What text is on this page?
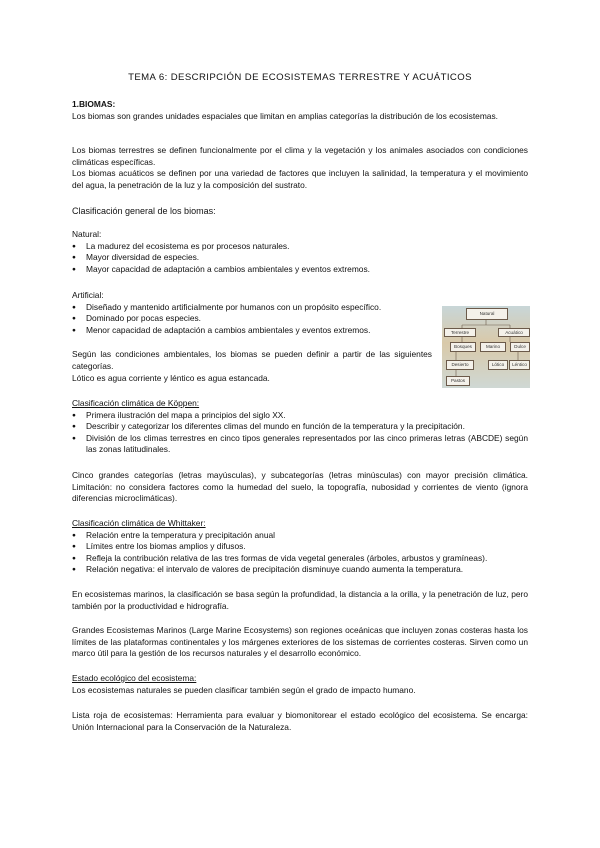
TEMA 6: DESCRIPCIÓN DE ECOSISTEMAS TERRESTRE Y ACUÁTICOS
1.BIOMAS:
Los biomas son grandes unidades espaciales que limitan en amplias categorías la distribución de los ecosistemas.
Los biomas terrestres se definen funcionalmente por el clima y la vegetación y los animales asociados con condiciones climáticas específicas.
Los biomas acuáticos se definen por una variedad de factores que incluyen la salinidad, la temperatura y el movimiento del agua, la penetración de la luz y la composición del sustrato.
Clasificación general de los biomas:
Natural:
● La madurez del ecosistema es por procesos naturales.
● Mayor diversidad de especies.
● Mayor capacidad de adaptación a cambios ambientales y eventos extremos.
Artificial:
● Diseñado y mantenido artificialmente por humanos con un propósito específico.
● Dominado por pocas especies.
● Menor capacidad de adaptación a cambios ambientales y eventos extremos.
Según las condiciones ambientales, los biomas se pueden definir a partir de las siguientes categorías.
Lótico es agua corriente y léntico es agua estancada.
Natural
Terrestre	Acuático
Bosques	Marino	Dulce
Desierto	Lótico	Léntico
Pastos
Clasificación climática de Köppen:
● Primera ilustración del mapa a principios del siglo XX.
● Describir y categorizar los diferentes climas del mundo en función de la temperatura y la precipitación.
● División de los climas terrestres en cinco tipos generales representados por las cinco primeras letras (ABCDE) según las zonas latitudinales.
Cinco grandes categorías (letras mayúsculas), y subcategorías (letras minúsculas) con mayor precisión climática. Limitación: no considera factores como la humedad del suelo, la topografía, nubosidad y corrientes de viento (ignora diferencias microclimáticas).
Clasificación climática de Whittaker:
● Relación entre la temperatura y precipitación anual
● Límites entre los biomas amplios y difusos.
● Refleja la contribución relativa de las tres formas de vida vegetal generales (árboles, arbustos y gramíneas).
● Relación negativa: el intervalo de valores de precipitación disminuye cuando aumenta la temperatura.
En ecosistemas marinos, la clasificación se basa según la profundidad, la distancia a la orilla, y la penetración de luz, pero también por la productividad e hidrografía.
Grandes Ecosistemas Marinos (Large Marine Ecosystems) son regiones oceánicas que incluyen zonas costeras hasta los límites de las plataformas continentales y los márgenes exteriores de los sistemas de corrientes costeras. Sirven como un marco útil para la gestión de los recursos naturales y el desarrollo económico.
Estado ecológico del ecosistema:
Los ecosistemas naturales se pueden clasificar también según el grado de impacto humano.
Lista roja de ecosistemas: Herramienta para evaluar y biomonitorear el estado ecológico del ecosistema. Se encarga: Unión Internacional para la Conservación de la Naturaleza.
